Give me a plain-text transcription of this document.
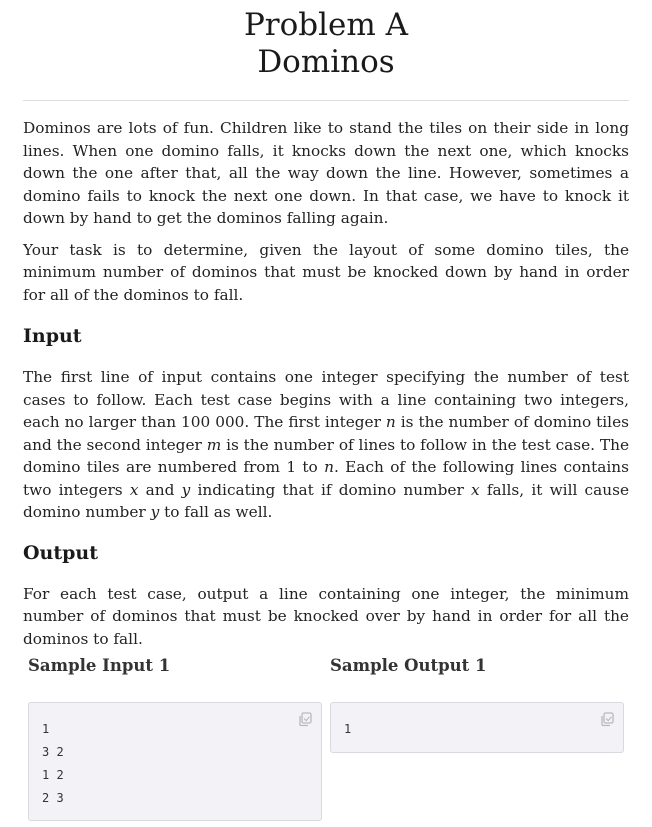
Problem A
Dominos

Dominos are lots of fun. Children like to stand the tiles on their side in long lines. When one domino falls, it knocks down the next one, which knocks down the one after that, all the way down the line. However, sometimes a domino fails to knock the next one down. In that case, we have to knock it down by hand to get the dominos falling again.

Your task is to determine, given the layout of some domino tiles, the minimum number of dominos that must be knocked down by hand in order for all of the dominos to fall.

Input

The first line of input contains one integer specifying the number of test cases to follow. Each test case begins with a line containing two integers, each no larger than 100 000. The first integer n is the number of domino tiles and the second integer m is the number of lines to follow in the test case. The domino tiles are numbered from 1 to n. Each of the following lines contains two integers x and y indicating that if domino number x falls, it will cause domino number y to fall as well.

Output

For each test case, output a line containing one integer, the minimum number of dominos that must be knocked over by hand in order for all the dominos to fall.

Sample Input 1	Sample Output 1
1
3 2
1 2
2 3
1
